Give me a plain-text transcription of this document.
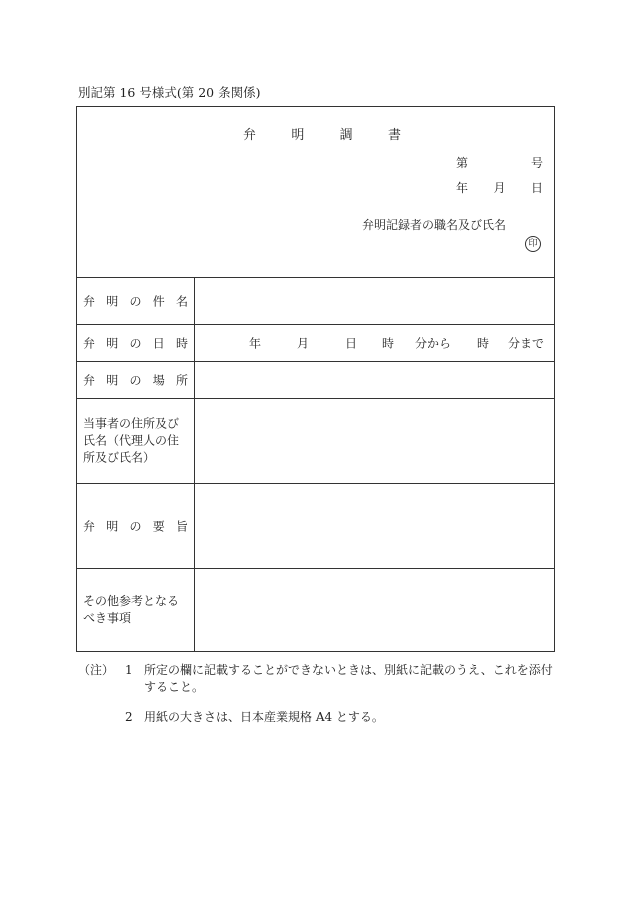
別記第 16 号様式(第 20 条関係)
弁	明	調	書
第	号
年 月 日
弁明記録者の職名及び氏名
印
弁 明 の 件 名
弁 明 の 日 時	年	月	日 時 分から 時 分まで
弁 明 の 場 所
当事者の住所及び氏名（代理人の住所及び氏名）
弁 明 の 要 旨
その他参考となるべき事項
（注） 1 所定の欄に記載することができないときは、別紙に記載のうえ、これを添付すること。
2 用紙の大きさは、日本産業規格 A4 とする。
